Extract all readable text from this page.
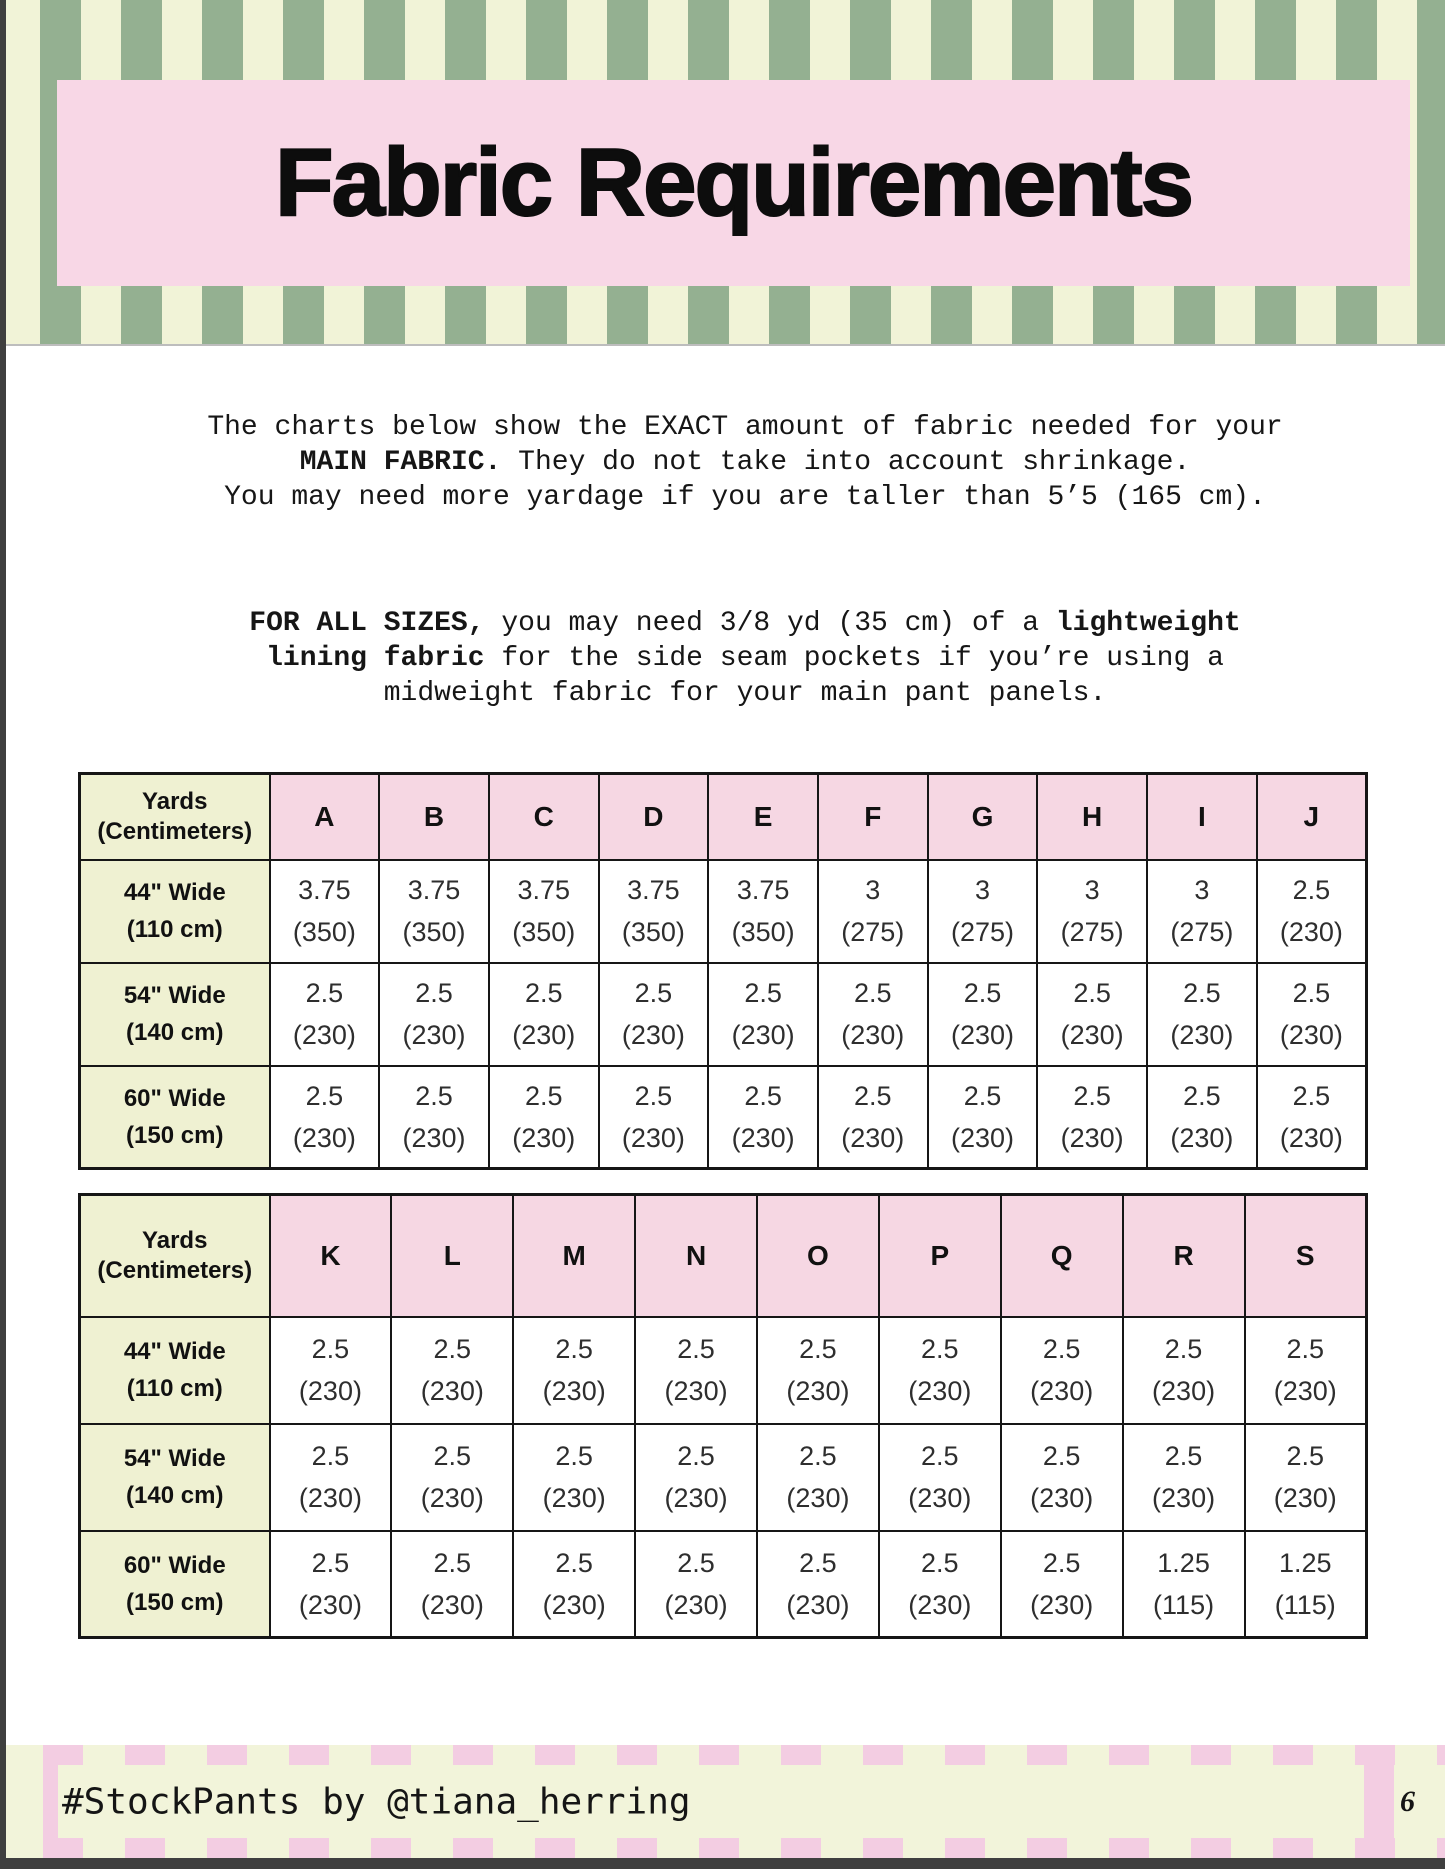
Fabric Requirements

The charts below show the EXACT amount of fabric needed for your
MAIN FABRIC. They do not take into account shrinkage.
You may need more yardage if you are taller than 5’5 (165 cm).

FOR ALL SIZES, you may need 3/8 yd (35 cm) of a lightweight
lining fabric for the side seam pockets if you’re using a
midweight fabric for your main pant panels.

Yards
(Centimeters)	A	B	C	D	E	F	G	H	I	J
44" Wide
(110 cm)	3.75
(350)	3.75
(350)	3.75
(350)	3.75
(350)	3.75
(350)	3
(275)	3
(275)	3
(275)	3
(275)	2.5
(230)
54" Wide
(140 cm)	2.5
(230)	2.5
(230)	2.5
(230)	2.5
(230)	2.5
(230)	2.5
(230)	2.5
(230)	2.5
(230)	2.5
(230)	2.5
(230)
60" Wide
(150 cm)	2.5
(230)	2.5
(230)	2.5
(230)	2.5
(230)	2.5
(230)	2.5
(230)	2.5
(230)	2.5
(230)	2.5
(230)	2.5
(230)
Yards
(Centimeters)	K	L	M	N	O	P	Q	R	S
44" Wide
(110 cm)	2.5
(230)	2.5
(230)	2.5
(230)	2.5
(230)	2.5
(230)	2.5
(230)	2.5
(230)	2.5
(230)	2.5
(230)
54" Wide
(140 cm)	2.5
(230)	2.5
(230)	2.5
(230)	2.5
(230)	2.5
(230)	2.5
(230)	2.5
(230)	2.5
(230)	2.5
(230)
60" Wide
(150 cm)	2.5
(230)	2.5
(230)	2.5
(230)	2.5
(230)	2.5
(230)	2.5
(230)	2.5
(230)	1.25
(115)	1.25
(115)
#StockPants by @tiana_herring	6
